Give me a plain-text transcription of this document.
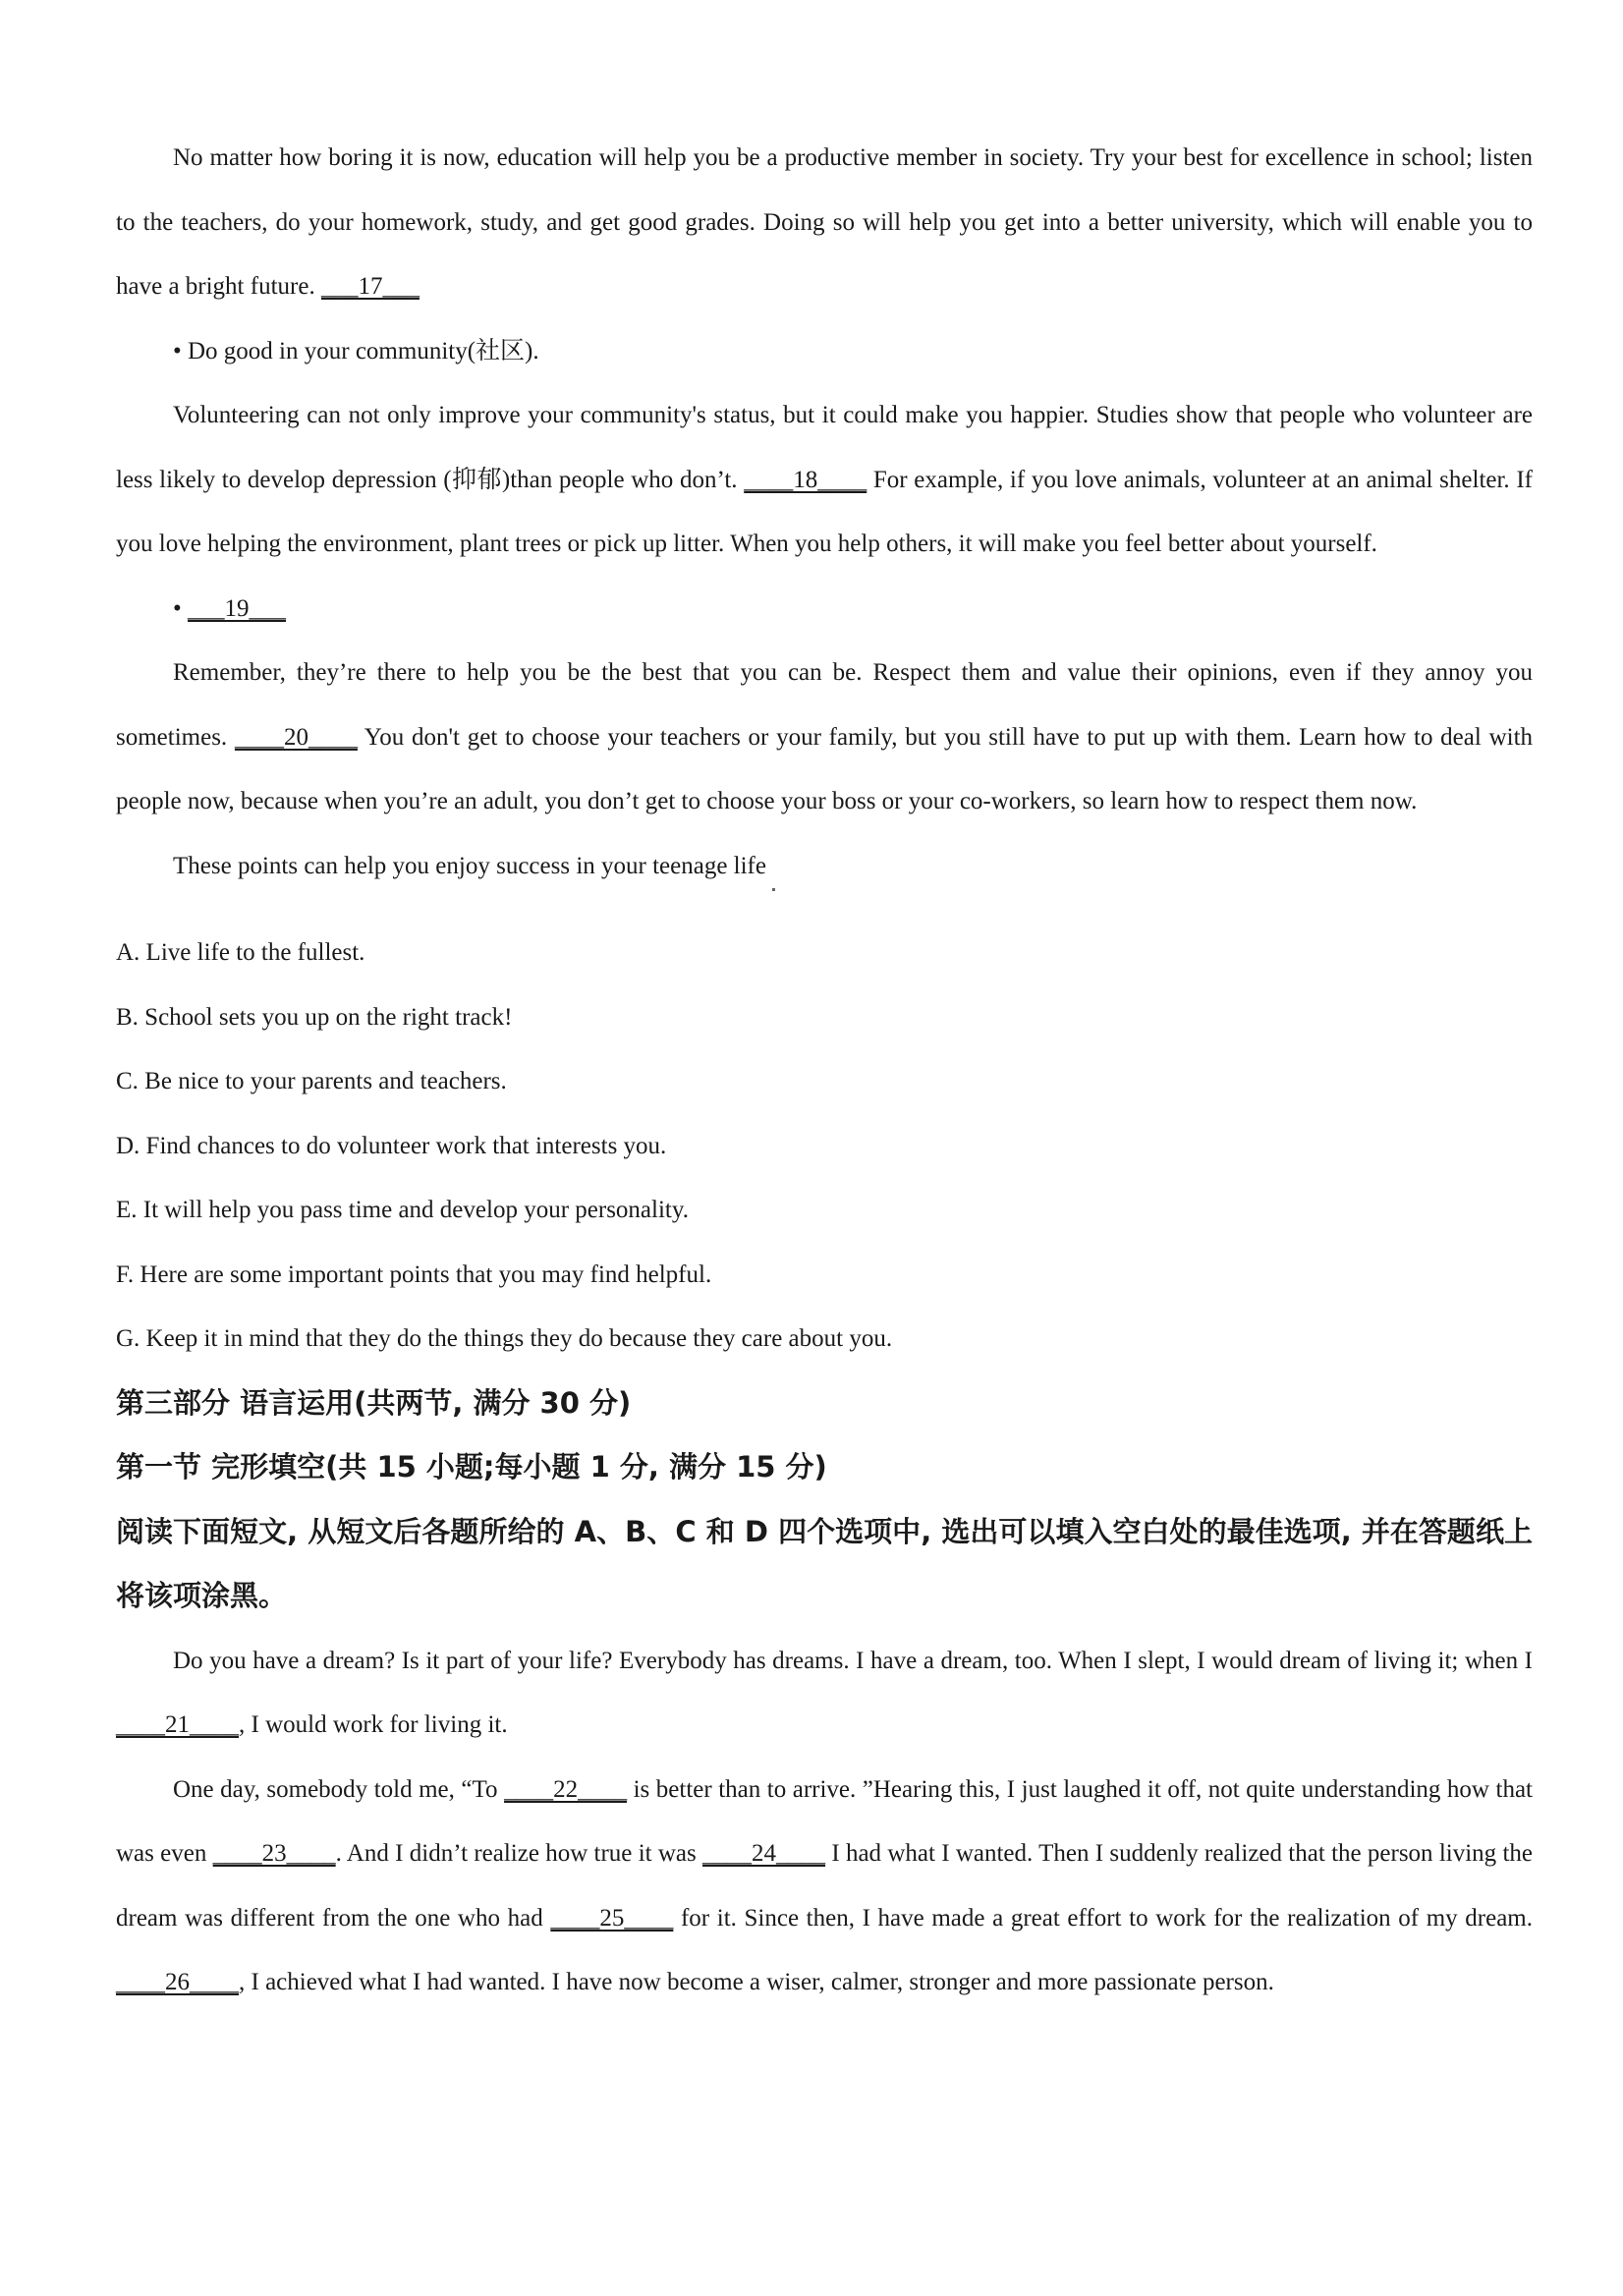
No matter how boring it is now, education will help you be a productive member in society. Try your best for excellence in school; listen to the teachers, do your homework, study, and get good grades. Doing so will help you get into a better university, which will enable you to have a bright future. ___17___

• Do good in your community(社区).

Volunteering can not only improve your community's status, but it could make you happier. Studies show that people who volunteer are less likely to develop depression (抑郁)than people who don’t. ____18____ For example, if you love animals, volunteer at an animal shelter. If you love helping the environment, plant trees or pick up litter. When you help others, it will make you feel better about yourself.

• ___19___

Remember, they’re there to help you be the best that you can be. Respect them and value their opinions, even if they annoy you sometimes. ____20____ You don't get to choose your teachers or your family, but you still have to put up with them. Learn how to deal with people now, because when you’re an adult, you don’t get to choose your boss or your co-workers, so learn how to respect them now.

These points can help you enjoy success in your teenage life

A. Live life to the fullest.

B. School sets you up on the right track!

C. Be nice to your parents and teachers.

D. Find chances to do volunteer work that interests you.

E. It will help you pass time and develop your personality.

F. Here are some important points that you may find helpful.

G. Keep it in mind that they do the things they do because they care about you.

第三部分 语言运用(共两节, 满分 30 分)

第一节 完形填空(共 15 小题;每小题 1 分, 满分 15 分)

阅读下面短文, 从短文后各题所给的 A、B、C 和 D 四个选项中, 选出可以填入空白处的最佳选项, 并在答题纸上将该项涂黑。

Do you have a dream? Is it part of your life? Everybody has dreams. I have a dream, too. When I slept, I would dream of living it; when I ____21____, I would work for living it.

One day, somebody told me, “To ____22____ is better than to arrive. ”Hearing this, I just laughed it off, not quite understanding how that was even ____23____. And I didn’t realize how true it was ____24____ I had what I wanted. Then I suddenly realized that the person living the dream was different from the one who had ____25____ for it. Since then, I have made a great effort to work for the realization of my dream. ____26____, I achieved what I had wanted. I have now become a wiser, calmer, stronger and more passionate person.
